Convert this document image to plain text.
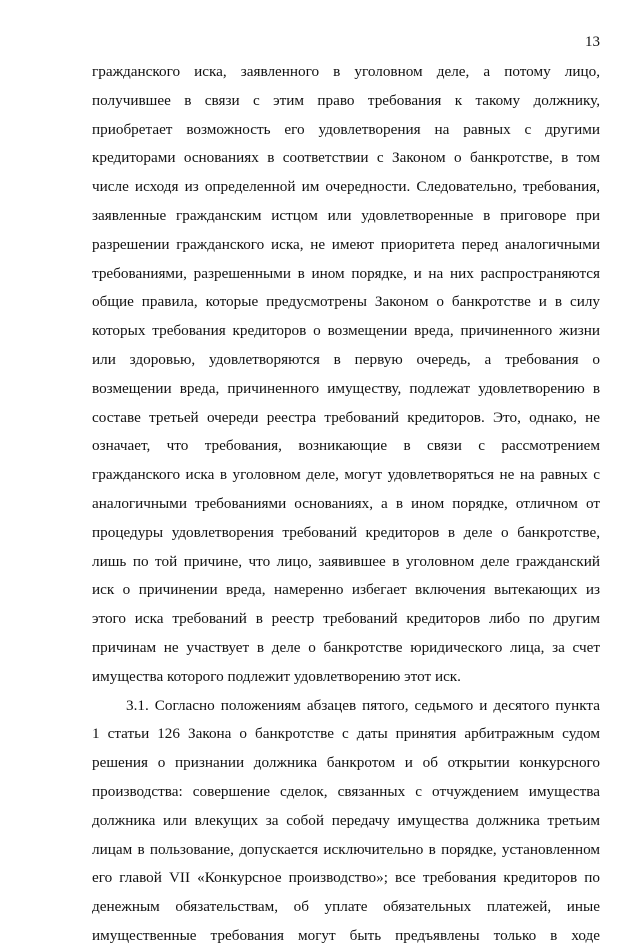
13
гражданского иска, заявленного в уголовном деле, а потому лицо,
получившее в связи с этим право требования к такому должнику,
приобретает возможность его удовлетворения на равных с другими
кредиторами основаниях в соответствии с Законом о банкротстве, в том
числе исходя из определенной им очередности. Следовательно, требования,
заявленные гражданским истцом или удовлетворенные в приговоре при
разрешении гражданского иска, не имеют приоритета перед аналогичными
требованиями, разрешенными в ином порядке, и на них распространяются
общие правила, которые предусмотрены Законом о банкротстве и в силу
которых требования кредиторов о возмещении вреда, причиненного жизни
или здоровью, удовлетворяются в первую очередь, а требования о
возмещении вреда, причиненного имуществу, подлежат удовлетворению в
составе третьей очереди реестра требований кредиторов. Это, однако, не
означает, что требования, возникающие в связи с рассмотрением
гражданского иска в уголовном деле, могут удовлетворяться не на равных с
аналогичными требованиями основаниях, а в ином порядке, отличном от
процедуры удовлетворения требований кредиторов в деле о банкротстве,
лишь по той причине, что лицо, заявившее в уголовном деле гражданский
иск о причинении вреда, намеренно избегает включения вытекающих из
этого иска требований в реестр требований кредиторов либо по другим
причинам не участвует в деле о банкротстве юридического лица, за счет
имущества которого подлежит удовлетворению этот иск.
3.1. Согласно положениям абзацев пятого, седьмого и десятого пункта
1 статьи 126 Закона о банкротстве с даты принятия арбитражным судом
решения о признании должника банкротом и об открытии конкурсного
производства: совершение сделок, связанных с отчуждением имущества
должника или влекущих за собой передачу имущества должника третьим
лицам в пользование, допускается исключительно в порядке, установленном
его главой VII «Конкурсное производство»; все требования кредиторов по
денежным обязательствам, об уплате обязательных платежей, иные
имущественные требования могут быть предъявлены только в ходе
